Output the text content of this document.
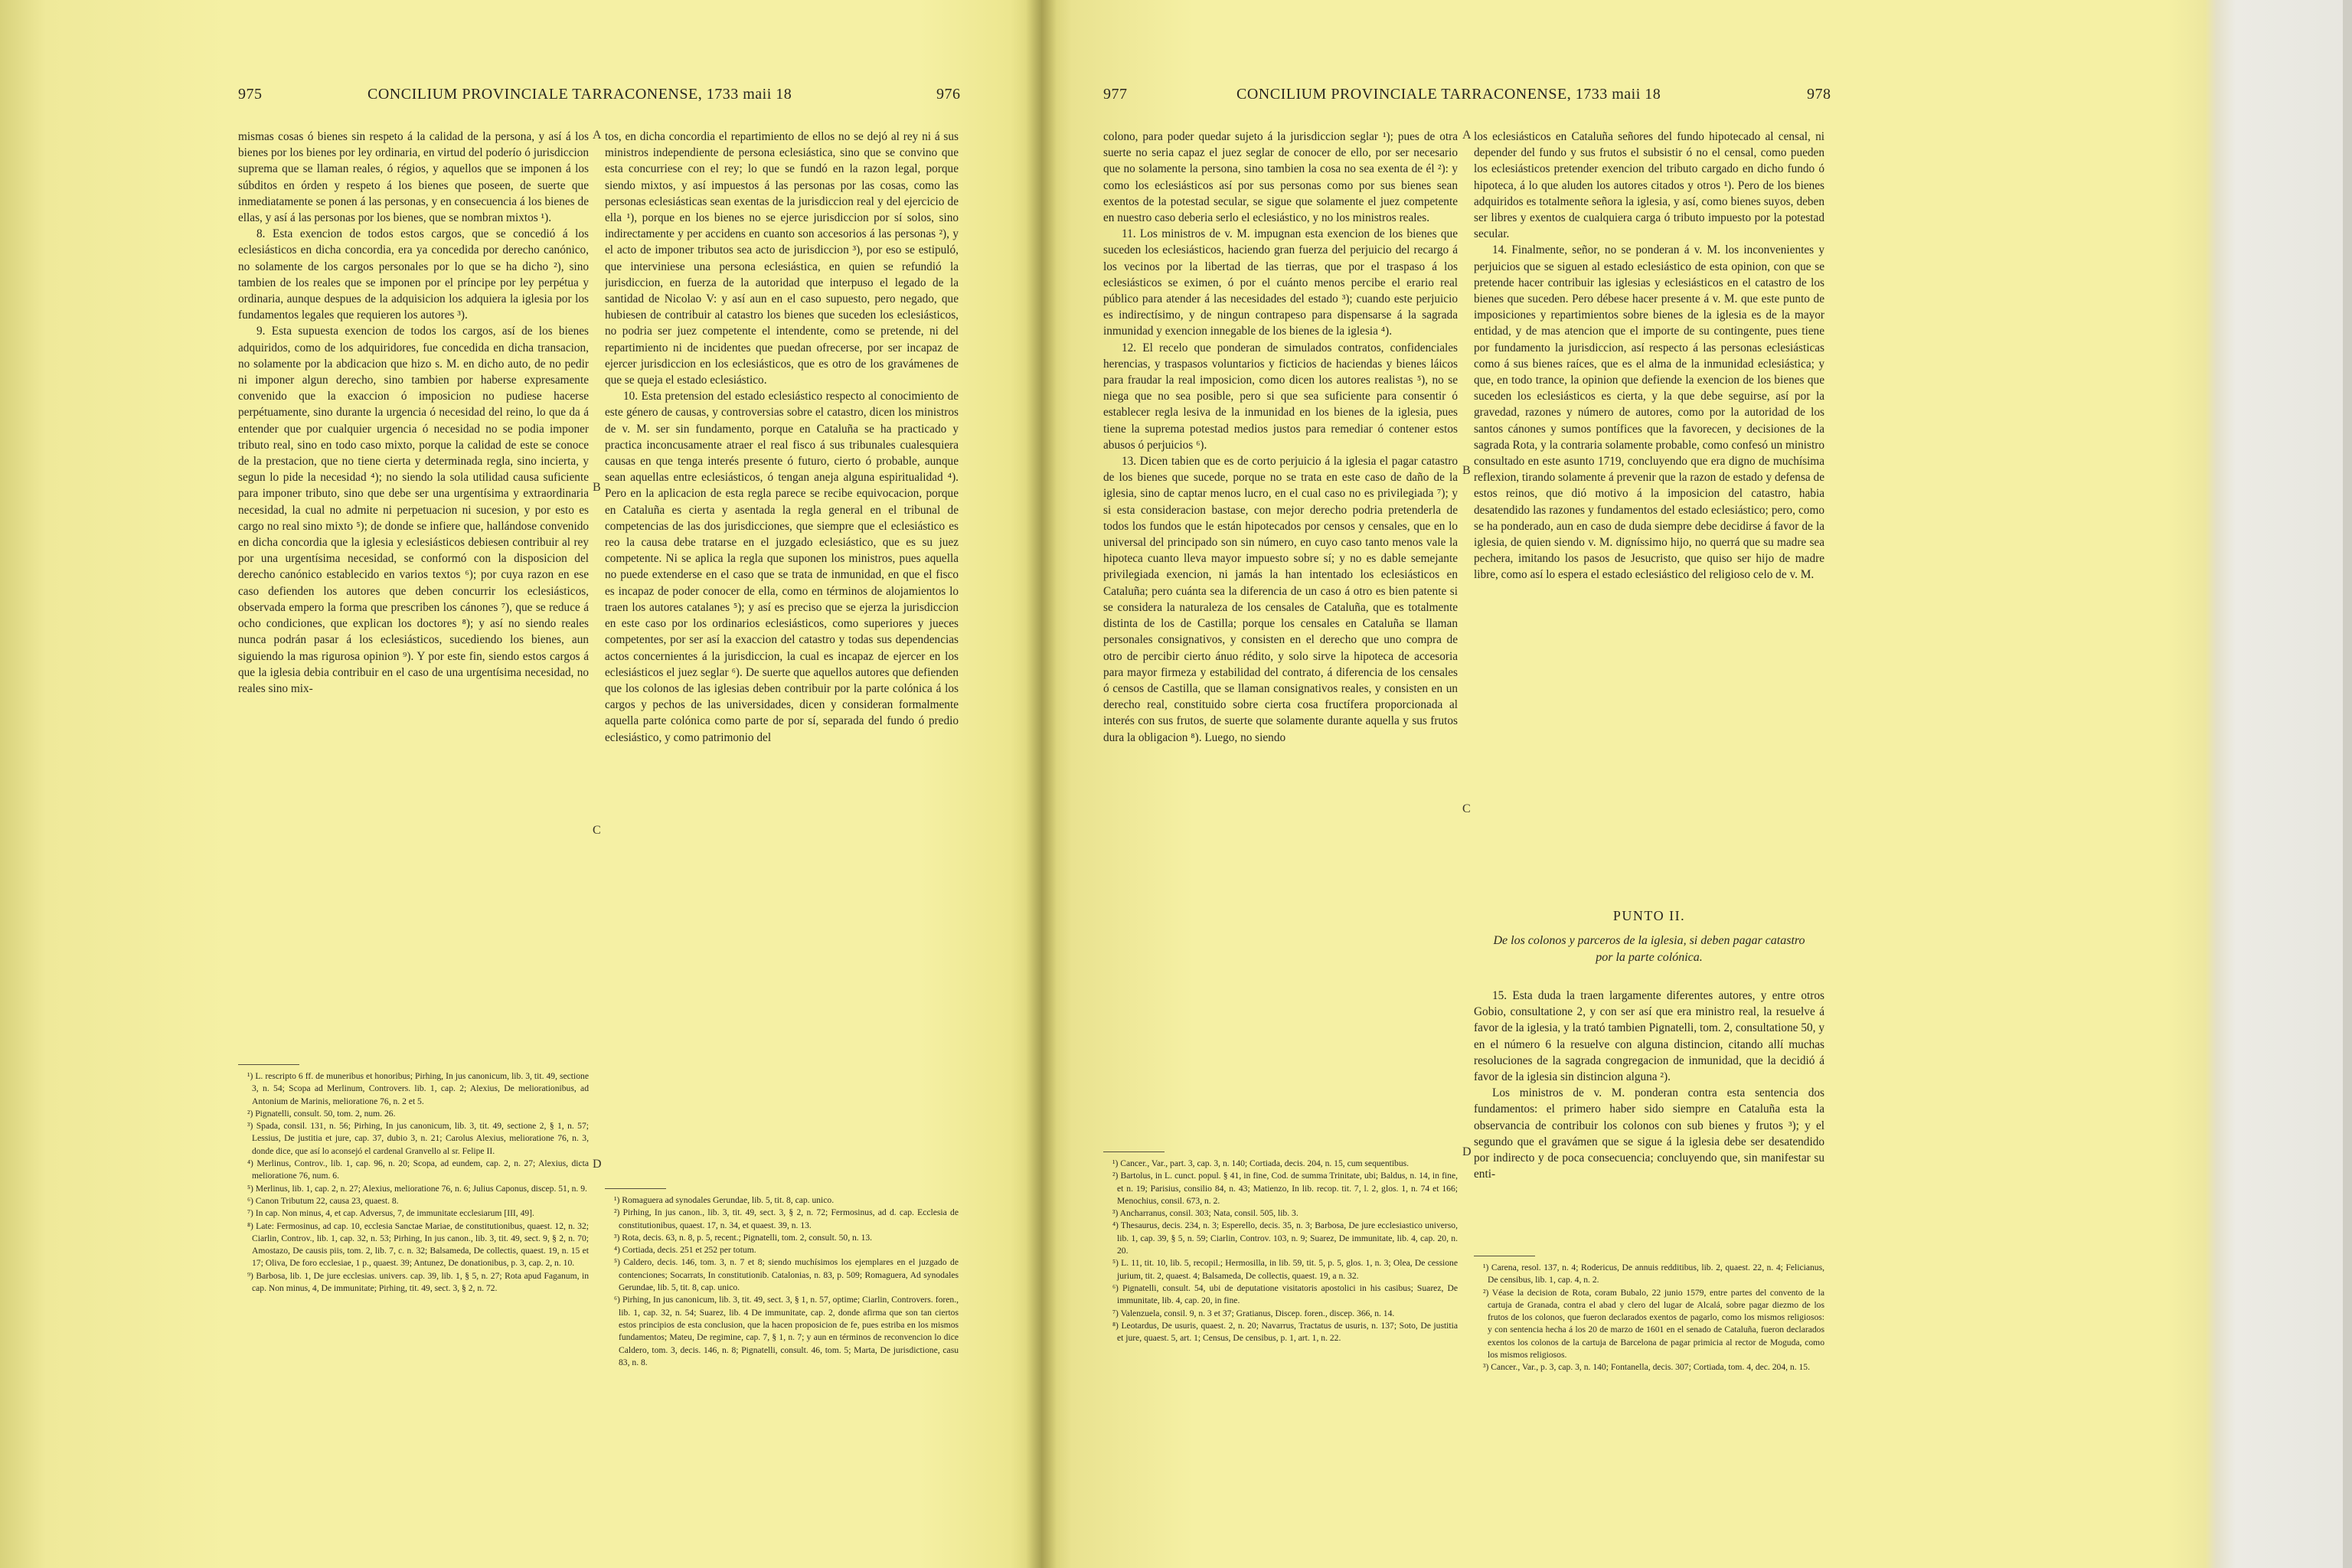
975	CONCILIUM PROVINCIALE TARRACONENSE, 1733 maii 18	976

mismas cosas ó bienes sin respeto á la calidad de la persona, y así á los bienes por los bienes por ley ordinaria, en virtud del poderío ó jurisdiccion suprema que se llaman reales, ó régios, y aquellos que se imponen á los súbditos en órden y respeto á los bienes que poseen, de suerte que inmediatamente se ponen á las personas, y en consecuencia á los bienes de ellas, y así á las personas por los bienes, que se nombran mixtos ¹).

8. Esta exencion de todos estos cargos, que se concedió á los eclesiásticos en dicha concordia, era ya concedida por derecho canónico, no solamente de los cargos personales por lo que se ha dicho ²), sino tambien de los reales que se imponen por el príncipe por ley perpétua y ordinaria, aunque despues de la adquisicion los adquiera la iglesia por los fundamentos legales que requieren los autores ³).

9. Esta supuesta exencion de todos los cargos, así de los bienes adquiridos, como de los adquiridores, fue concedida en dicha transacion, no solamente por la abdicacion que hizo s. M. en dicho auto, de no pedir ni imponer algun derecho, sino tambien por haberse expresamente convenido que la exaccion ó imposicion no pudiese hacerse perpétuamente, sino durante la urgencia ó necesidad del reino, lo que da á entender que por cualquier urgencia ó necesidad no se podia imponer tributo real, sino en todo caso mixto, porque la calidad de este se conoce de la prestacion, que no tiene cierta y determinada regla, sino incierta, y segun lo pide la necesidad ⁴); no siendo la sola utilidad causa suficiente para imponer tributo, sino que debe ser una urgentísima y extraordinaria necesidad, la cual no admite ni perpetuacion ni sucesion, y por esto es cargo no real sino mixto ⁵); de donde se infiere que, hallándose convenido en dicha concordia que la iglesia y eclesiásticos debiesen contribuir al rey por una urgentísima necesidad, se conformó con la disposicion del derecho canónico establecido en varios textos ⁶); por cuya razon en ese caso defienden los autores que deben concurrir los eclesiásticos, observada empero la forma que prescriben los cánones ⁷), que se reduce á ocho condiciones, que explican los doctores ⁸); y así no siendo reales nunca podrán pasar á los eclesiásticos, sucediendo los bienes, aun siguiendo la mas rigurosa opinion ⁹). Y por este fin, siendo estos cargos á que la iglesia debia contribuir en el caso de una urgentísima necesidad, no reales sino mix-

¹) L. rescripto 6 ff. de muneribus et honoribus; Pirhing, In jus canonicum, lib. 3, tit. 49, sectione 3, n. 54; Scopa ad Merlinum, Controvers. lib. 1, cap. 2; Alexius, De meliorationibus, ad Antonium de Marinis, melioratione 76, n. 2 et 5.

²) Pignatelli, consult. 50, tom. 2, num. 26.

³) Spada, consil. 131, n. 56; Pirhing, In jus canonicum, lib. 3, tit. 49, sectione 2, § 1, n. 57; Lessius, De justitia et jure, cap. 37, dubio 3, n. 21; Carolus Alexius, melioratione 76, n. 3, donde dice, que así lo aconsejó el cardenal Granvello al sr. Felipe II.

⁴) Merlinus, Controv., lib. 1, cap. 96, n. 20; Scopa, ad eundem, cap. 2, n. 27; Alexius, dicta melioratione 76, num. 6.

⁵) Merlinus, lib. 1, cap. 2, n. 27; Alexius, melioratione 76, n. 6; Julius Caponus, discep. 51, n. 9.

⁶) Canon Tributum 22, causa 23, quaest. 8.

⁷) In cap. Non minus, 4, et cap. Adversus, 7, de immunitate ecclesiarum [III, 49].

⁸) Late: Fermosinus, ad cap. 10, ecclesia Sanctae Mariae, de constitutionibus, quaest. 12, n. 32; Ciarlin, Controv., lib. 1, cap. 32, n. 53; Pirhing, In jus canon., lib. 3, tit. 49, sect. 9, § 2, n. 70; Amostazo, De causis piis, tom. 2, lib. 7, c. n. 32; Balsameda, De collectis, quaest. 19, n. 15 et 17; Oliva, De foro ecclesiae, 1 p., quaest. 39; Antunez, De donationibus, p. 3, cap. 2, n. 10.

⁹) Barbosa, lib. 1, De jure ecclesias. univers. cap. 39, lib. 1, § 5, n. 27; Rota apud Faganum, in cap. Non minus, 4, De immunitate; Pirhing, tit. 49, sect. 3, § 2, n. 72.

A
B
C
D

tos, en dicha concordia el repartimiento de ellos no se dejó al rey ni á sus ministros independiente de persona eclesiástica, sino que se convino que esta concurriese con el rey; lo que se fundó en la razon legal, porque siendo mixtos, y así impuestos á las personas por las cosas, como las personas eclesiásticas sean exentas de la jurisdiccion real y del ejercicio de ella ¹), porque en los bienes no se ejerce jurisdiccion por sí solos, sino indirectamente y per accidens en cuanto son accesorios á las personas ²), y el acto de imponer tributos sea acto de jurisdiccion ³), por eso se estipuló, que interviniese una persona eclesiástica, en quien se refundió la jurisdiccion, en fuerza de la autoridad que interpuso el legado de la santidad de Nicolao V: y así aun en el caso supuesto, pero negado, que hubiesen de contribuir al catastro los bienes que suceden los eclesiásticos, no podria ser juez competente el intendente, como se pretende, ni del repartimiento ni de incidentes que puedan ofrecerse, por ser incapaz de ejercer jurisdiccion en los eclesiásticos, que es otro de los gravámenes de que se queja el estado eclesiástico.

10. Esta pretension del estado eclesiástico respecto al conocimiento de este género de causas, y controversias sobre el catastro, dicen los ministros de v. M. ser sin fundamento, porque en Cataluña se ha practicado y practica inconcusamente atraer el real fisco á sus tribunales cualesquiera causas en que tenga interés presente ó futuro, cierto ó probable, aunque sean aquellas entre eclesiásticos, ó tengan aneja alguna espiritualidad ⁴). Pero en la aplicacion de esta regla parece se recibe equivocacion, porque en Cataluña es cierta y asentada la regla general en el tribunal de competencias de las dos jurisdicciones, que siempre que el eclesiástico es reo la causa debe tratarse en el juzgado eclesiástico, que es su juez competente. Ni se aplica la regla que suponen los ministros, pues aquella no puede extenderse en el caso que se trata de inmunidad, en que el fisco es incapaz de poder conocer de ella, como en términos de alojamientos lo traen los autores catalanes ⁵); y así es preciso que se ejerza la jurisdiccion en este caso por los ordinarios eclesiásticos, como superiores y jueces competentes, por ser así la exaccion del catastro y todas sus dependencias actos concernientes á la jurisdiccion, la cual es incapaz de ejercer en los eclesiásticos el juez seglar ⁶). De suerte que aquellos autores que defienden que los colonos de las iglesias deben contribuir por la parte colónica á los cargos y pechos de las universidades, dicen y consideran formalmente aquella parte colónica como parte de por sí, separada del fundo ó predio eclesiástico, y como patrimonio del

¹) Romaguera ad synodales Gerundae, lib. 5, tit. 8, cap. unico.

²) Pirhing, In jus canon., lib. 3, tit. 49, sect. 3, § 2, n. 72; Fermosinus, ad d. cap. Ecclesia de constitutionibus, quaest. 17, n. 34, et quaest. 39, n. 13.

³) Rota, decis. 63, n. 8, p. 5, recent.; Pignatelli, tom. 2, consult. 50, n. 13.

⁴) Cortiada, decis. 251 et 252 per totum.

⁵) Caldero, decis. 146, tom. 3, n. 7 et 8; siendo muchísimos los ejemplares en el juzgado de contenciones; Socarrats, In constitutionib. Catalonias, n. 83, p. 509; Romaguera, Ad synodales Gerundae, lib. 5, tit. 8, cap. unico.

⁶) Pirhing, In jus canonicum, lib. 3, tit. 49, sect. 3, § 1, n. 57, optime; Ciarlin, Controvers. foren., lib. 1, cap. 32, n. 54; Suarez, lib. 4 De immunitate, cap. 2, donde afirma que son tan ciertos estos principios de esta conclusion, que la hacen proposicion de fe, pues estriba en los mismos fundamentos; Mateu, De regimine, cap. 7, § 1, n. 7; y aun en términos de reconvencion lo dice Caldero, tom. 3, decis. 146, n. 8; Pignatelli, consult. 46, tom. 5; Marta, De jurisdictione, casu 83, n. 8.

977	CONCILIUM PROVINCIALE TARRACONENSE, 1733 maii 18	978

colono, para poder quedar sujeto á la jurisdiccion seglar ¹); pues de otra suerte no seria capaz el juez seglar de conocer de ello, por ser necesario que no solamente la persona, sino tambien la cosa no sea exenta de él ²): y como los eclesiásticos así por sus personas como por sus bienes sean exentos de la potestad secular, se sigue que solamente el juez competente en nuestro caso deberia serlo el eclesiástico, y no los ministros reales.

11. Los ministros de v. M. impugnan esta exencion de los bienes que suceden los eclesiásticos, haciendo gran fuerza del perjuicio del recargo á los vecinos por la libertad de las tierras, que por el traspaso á los eclesiásticos se eximen, ó por el cuánto menos percibe el erario real público para atender á las necesidades del estado ³); cuando este perjuicio es indirectísimo, y de ningun contrapeso para dispensarse á la sagrada inmunidad y exencion innegable de los bienes de la iglesia ⁴).

12. El recelo que ponderan de simulados contratos, confidenciales herencias, y traspasos voluntarios y ficticios de haciendas y bienes láicos para fraudar la real imposicion, como dicen los autores realistas ⁵), no se niega que no sea posible, pero si que sea suficiente para consentir ó establecer regla lesiva de la inmunidad en los bienes de la iglesia, pues tiene la suprema potestad medios justos para remediar ó contener estos abusos ó perjuicios ⁶).

13. Dicen tabien que es de corto perjuicio á la iglesia el pagar catastro de los bienes que sucede, porque no se trata en este caso de daño de la iglesia, sino de captar menos lucro, en el cual caso no es privilegiada ⁷); y si esta consideracion bastase, con mejor derecho podria pretenderla de todos los fundos que le están hipotecados por censos y censales, que en lo universal del principado son sin número, en cuyo caso tanto menos vale la hipoteca cuanto lleva mayor impuesto sobre sí; y no es dable semejante privilegiada exencion, ni jamás la han intentado los eclesiásticos en Cataluña; pero cuánta sea la diferencia de un caso á otro es bien patente si se considera la naturaleza de los censales de Cataluña, que es totalmente distinta de los de Castilla; porque los censales en Cataluña se llaman personales consignativos, y consisten en el derecho que uno compra de otro de percibir cierto ánuo rédito, y solo sirve la hipoteca de accesoria para mayor firmeza y estabilidad del contrato, á diferencia de los censales ó censos de Castilla, que se llaman consignativos reales, y consisten en un derecho real, constituido sobre cierta cosa fructífera proporcionada al interés con sus frutos, de suerte que solamente durante aquella y sus frutos dura la obligacion ⁸). Luego, no siendo

¹) Cancer., Var., part. 3, cap. 3, n. 140; Cortiada, decis. 204, n. 15, cum sequentibus.

²) Bartolus, in L. cunct. popul. § 41, in fine, Cod. de summa Trinitate, ubi; Baldus, n. 14, in fine, et n. 19; Parisius, consilio 84, n. 43; Matienzo, In lib. recop. tit. 7, l. 2, glos. 1, n. 74 et 166; Menochius, consil. 673, n. 2.

³) Ancharranus, consil. 303; Nata, consil. 505, lib. 3.

⁴) Thesaurus, decis. 234, n. 3; Esperello, decis. 35, n. 3; Barbosa, De jure ecclesiastico universo, lib. 1, cap. 39, § 5, n. 59; Ciarlin, Controv. 103, n. 9; Suarez, De immunitate, lib. 4, cap. 20, n. 20.

⁵) L. 11, tit. 10, lib. 5, recopil.; Hermosilla, in lib. 59, tit. 5, p. 5, glos. 1, n. 3; Olea, De cessione jurium, tit. 2, quaest. 4; Balsameda, De collectis, quaest. 19, a n. 32.

⁶) Pignatelli, consult. 54, ubi de deputatione visitatoris apostolici in his casibus; Suarez, De immunitate, lib. 4, cap. 20, in fine.

⁷) Valenzuela, consil. 9, n. 3 et 37; Gratianus, Discep. foren., discep. 366, n. 14.

⁸) Leotardus, De usuris, quaest. 2, n. 20; Navarrus, Tractatus de usuris, n. 137; Soto, De justitia et jure, quaest. 5, art. 1; Census, De censibus, p. 1, art. 1, n. 22.

A
B
C
D

los eclesiásticos en Cataluña señores del fundo hipotecado al censal, ni depender del fundo y sus frutos el subsistir ó no el censal, como pueden los eclesiásticos pretender exencion del tributo cargado en dicho fundo ó hipoteca, á lo que aluden los autores citados y otros ¹). Pero de los bienes adquiridos es totalmente señora la iglesia, y así, como bienes suyos, deben ser libres y exentos de cualquiera carga ó tributo impuesto por la potestad secular.

14. Finalmente, señor, no se ponderan á v. M. los inconvenientes y perjuicios que se siguen al estado eclesiástico de esta opinion, con que se pretende hacer contribuir las iglesias y eclesiásticos en el catastro de los bienes que suceden. Pero débese hacer presente á v. M. que este punto de imposiciones y repartimientos sobre bienes de la iglesia es de la mayor entidad, y de mas atencion que el importe de su contingente, pues tiene por fundamento la jurisdiccion, así respecto á las personas eclesiásticas como á sus bienes raíces, que es el alma de la inmunidad eclesiástica; y que, en todo trance, la opinion que defiende la exencion de los bienes que suceden los eclesiásticos es cierta, y la que debe seguirse, así por la gravedad, razones y número de autores, como por la autoridad de los santos cánones y sumos pontífices que la favorecen, y decisiones de la sagrada Rota, y la contraria solamente probable, como confesó un ministro consultado en este asunto 1719, concluyendo que era digno de muchísima reflexion, tirando solamente á prevenir que la razon de estado y defensa de estos reinos, que dió motivo á la imposicion del catastro, habia desatendido las razones y fundamentos del estado eclesiástico; pero, como se ha ponderado, aun en caso de duda siempre debe decidirse á favor de la iglesia, de quien siendo v. M. digníssimo hijo, no querrá que su madre sea pechera, imitando los pasos de Jesucristo, que quiso ser hijo de madre libre, como así lo espera el estado eclesiástico del religioso celo de v. M.

PUNTO II.
De los colonos y parceros de la iglesia, si deben pagar catastro por la parte colónica.

15. Esta duda la traen largamente diferentes autores, y entre otros Gobio, consultatione 2, y con ser así que era ministro real, la resuelve á favor de la iglesia, y la trató tambien Pignatelli, tom. 2, consultatione 50, y en el número 6 la resuelve con alguna distincion, citando allí muchas resoluciones de la sagrada congregacion de inmunidad, que la decidió á favor de la iglesia sin distincion alguna ²).

Los ministros de v. M. ponderan contra esta sentencia dos fundamentos: el primero haber sido siempre en Cataluña esta la observancia de contribuir los colonos con sub bienes y frutos ³); y el segundo que el gravámen que se sigue á la iglesia debe ser desatendido por indirecto y de poca consecuencia; concluyendo que, sin manifestar su enti-

¹) Carena, resol. 137, n. 4; Rodericus, De annuis redditibus, lib. 2, quaest. 22, n. 4; Felicianus, De censibus, lib. 1, cap. 4, n. 2.

²) Véase la decision de Rota, coram Bubalo, 22 junio 1579, entre partes del convento de la cartuja de Granada, contra el abad y clero del lugar de Alcalá, sobre pagar diezmo de los frutos de los colonos, que fueron declarados exentos de pagarlo, como los mismos religiosos: y con sentencia hecha á los 20 de marzo de 1601 en el senado de Cataluña, fueron declarados exentos los colonos de la cartuja de Barcelona de pagar primicia al rector de Moguda, como los mismos religiosos.

³) Cancer., Var., p. 3, cap. 3, n. 140; Fontanella, decis. 307; Cortiada, tom. 4, dec. 204, n. 15.
